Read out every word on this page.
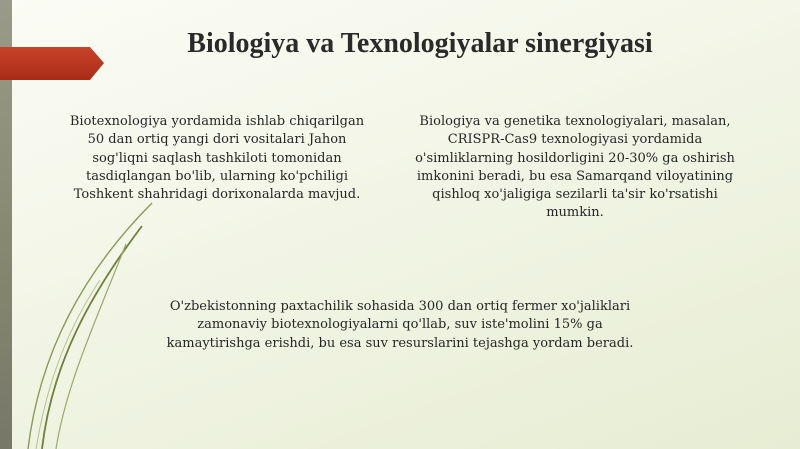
Biologiya va Texnologiyalar sinergiyasi
Biotexnologiya yordamida ishlab chiqarilgan
50 dan ortiq yangi dori vositalari Jahon
sog'liqni saqlash tashkiloti tomonidan
tasdiqlangan bo'lib, ularning ko'pchiligi
Toshkent shahridagi dorixonalarda mavjud.
Biologiya va genetika texnologiyalari, masalan,
CRISPR-Cas9 texnologiyasi yordamida
o'simliklarning hosildorligini 20-30% ga oshirish
imkonini beradi, bu esa Samarqand viloyatining
qishloq xo'jaligiga sezilarli ta'sir ko'rsatishi
mumkin.
O'zbekistonning paxtachilik sohasida 300 dan ortiq fermer xo'jaliklari
zamonaviy biotexnologiyalarni qo'llab, suv iste'molini 15% ga
kamaytirishga erishdi, bu esa suv resurslarini tejashga yordam beradi.
